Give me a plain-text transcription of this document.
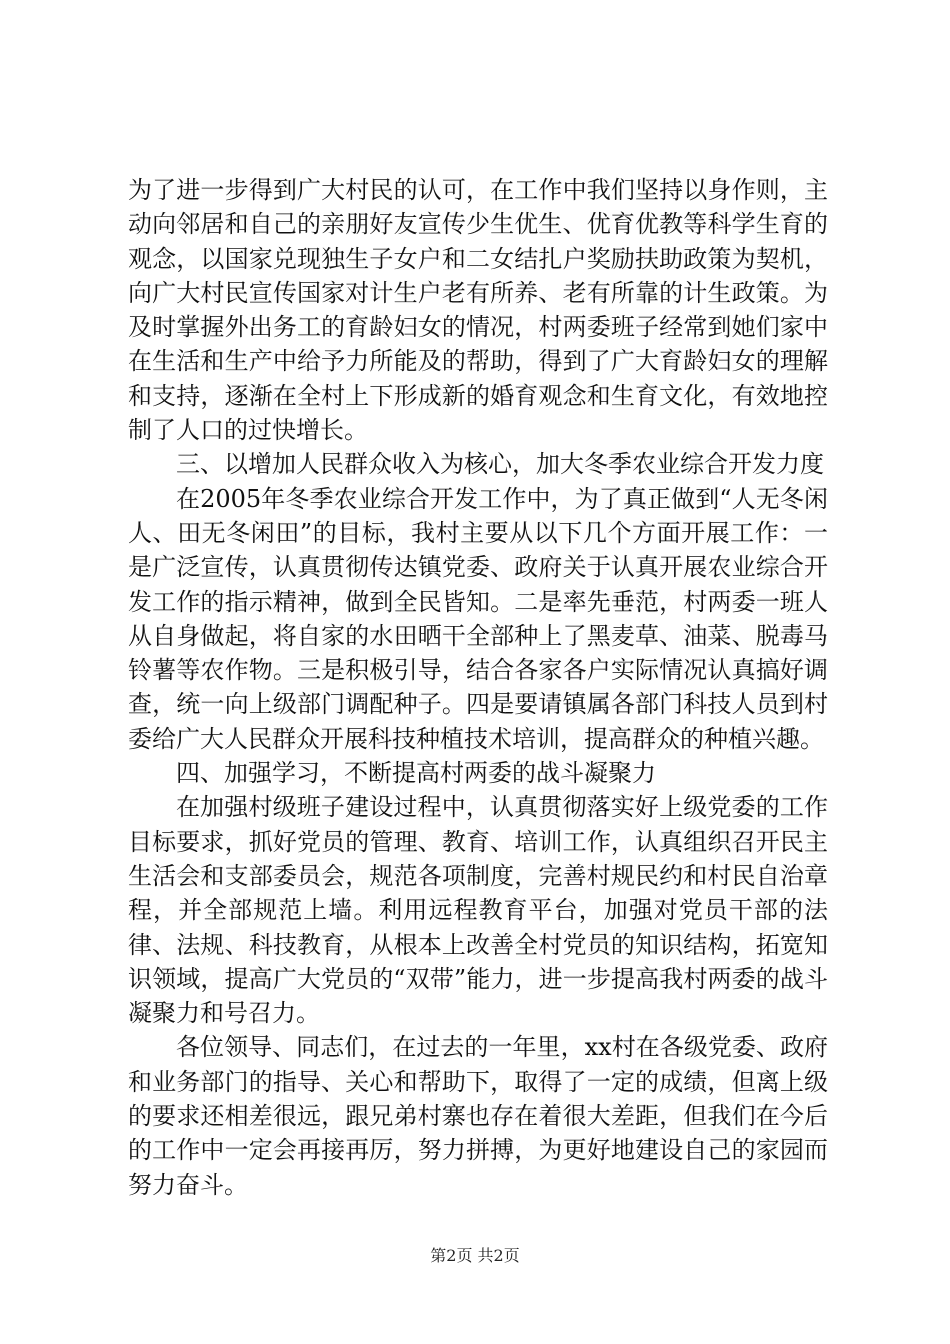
为了进一步得到广大村民的认可，在工作中我们坚持以身作则，主动向邻居和自己的亲朋好友宣传少生优生、优育优教等科学生育的观念，以国家兑现独生子女户和二女结扎户奖励扶助政策为契机，向广大村民宣传国家对计生户老有所养、老有所靠的计生政策。为及时掌握外出务工的育龄妇女的情况，村两委班子经常到她们家中在生活和生产中给予力所能及的帮助，得到了广大育龄妇女的理解和支持，逐渐在全村上下形成新的婚育观念和生育文化，有效地控制了人口的过快增长。

三、以增加人民群众收入为核心，加大冬季农业综合开发力度

在2005年冬季农业综合开发工作中，为了真正做到“人无冬闲人、田无冬闲田”的目标，我村主要从以下几个方面开展工作：一是广泛宣传，认真贯彻传达镇党委、政府关于认真开展农业综合开发工作的指示精神，做到全民皆知。二是率先垂范，村两委一班人从自身做起，将自家的水田晒干全部种上了黑麦草、油菜、脱毒马铃薯等农作物。三是积极引导，结合各家各户实际情况认真搞好调查，统一向上级部门调配种子。四是要请镇属各部门科技人员到村委给广大人民群众开展科技种植技术培训，提高群众的种植兴趣。

四、加强学习，不断提高村两委的战斗凝聚力

在加强村级班子建设过程中，认真贯彻落实好上级党委的工作目标要求，抓好党员的管理、教育、培训工作，认真组织召开民主生活会和支部委员会，规范各项制度，完善村规民约和村民自治章程，并全部规范上墙。利用远程教育平台，加强对党员干部的法律、法规、科技教育，从根本上改善全村党员的知识结构，拓宽知识领域，提高广大党员的“双带”能力，进一步提高我村两委的战斗凝聚力和号召力。

各位领导、同志们，在过去的一年里，xx村在各级党委、政府和业务部门的指导、关心和帮助下，取得了一定的成绩，但离上级的要求还相差很远，跟兄弟村寨也存在着很大差距，但我们在今后的工作中一定会再接再厉，努力拼搏，为更好地建设自己的家园而努力奋斗。

第2页 共2页
